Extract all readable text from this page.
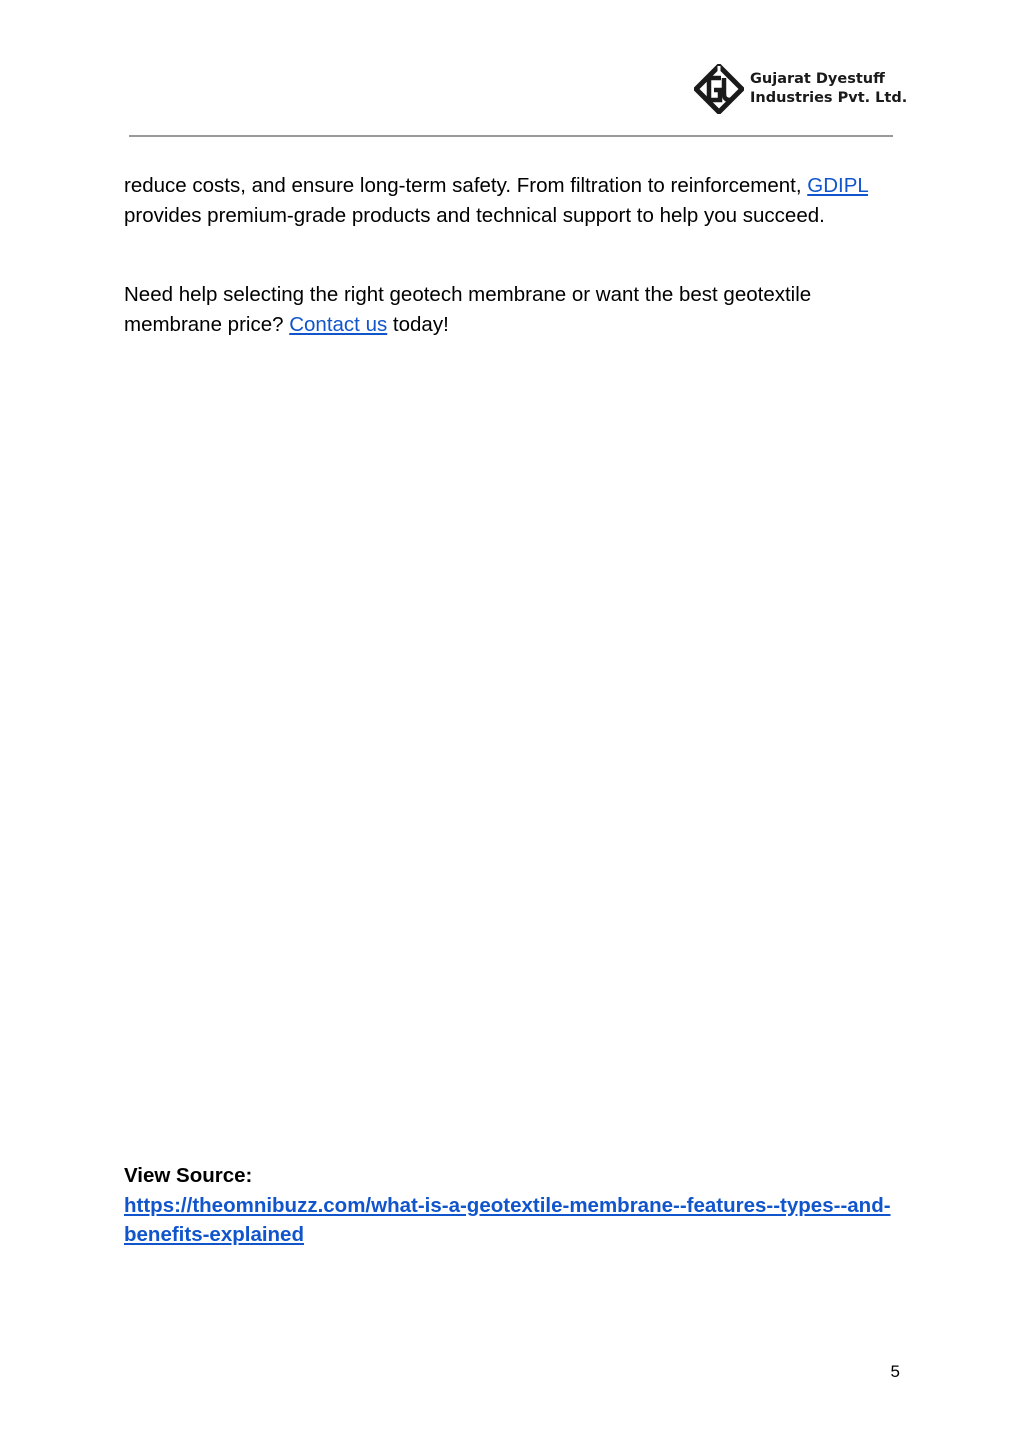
Gujarat Dyestuff
Industries Pvt. Ltd.

reduce costs, and ensure long-term safety. From filtration to reinforcement, GDIPL provides premium-grade products and technical support to help you succeed.

Need help selecting the right geotech membrane or want the best geotextile membrane price? Contact us today!

View Source:
https://theomnibuzz.com/what-is-a-geotextile-membrane--features--types--and-benefits-explained
5
